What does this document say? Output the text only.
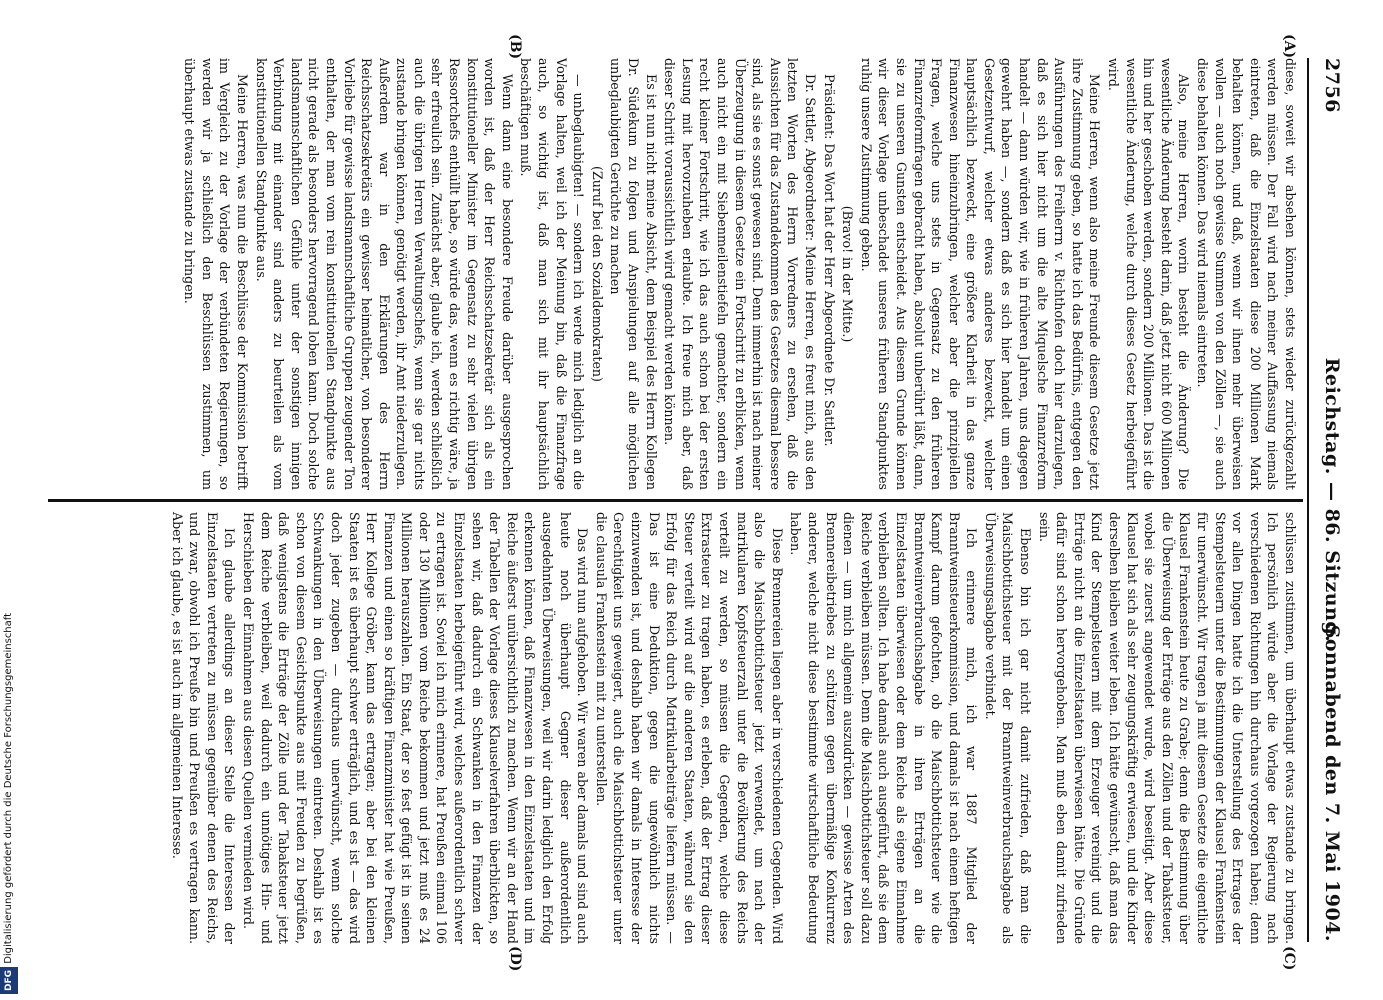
2756
Reichstag. — 86. Sitzung.
Sonnabend den 7. Mai 1904.
(A)
(B)
(C)
(D)

diese, soweit wir absehen können, stets wieder zurückgezahlt werden müssen. Der Fall wird nach meiner Auffassung niemals eintreten, daß die Einzelstaaten diese 200 Millionen Mark behalten können, und daß, wenn wir ihnen mehr überweisen wollen — auch noch gewisse Summen von den Zöllen —, sie auch diese behalten können. Das wird niemals eintreten.

Also, meine Herren, worin besteht die Änderung? Die wesentliche Änderung besteht darin, daß jetzt nicht 600 Millionen hin und her geschoben werden, sondern 200 Millionen. Das ist die wesentliche Änderung, welche durch dieses Gesetz herbeigeführt wird.

Meine Herren, wenn also meine Freunde diesem Gesetze jetzt ihre Zustimmung geben, so hatte ich das Bedürfnis, entgegen den Ausführungen des Freiherrn v. Richthofen doch hier darzulegen, daß es sich hier nicht um die alte Miquelsche Finanzreform handelt — dann würden wir, wie in früheren Jahren, uns dagegen gewehrt haben —, sondern daß es sich hier handelt um einen Gesetzentwurf, welcher etwas anderes bezweckt, welcher hauptsächlich bezweckt, eine größere Klarheit in das ganze Finanzwesen hineinzubringen, welcher aber die prinzipiellen Fragen, welche uns stets in Gegensatz zu den früheren Finanzreformfragen gebracht haben, absolut unberührt läßt, dann, sie zu unseren Gunsten entscheidet. Aus diesem Grunde können wir dieser Vorlage unbeschadet unseres früheren Standpunktes ruhig unsere Zustimmung geben.

(Bravo! in der Mitte.)

Präsident: Das Wort hat der Herr Abgeordnete Dr. Sattler.

Dr. Sattler, Abgeordneter: Meine Herren, es freut mich, aus den letzten Worten des Herrn Vorredners zu ersehen, daß die Aussichten für das Zustandekommen des Gesetzes diesmal bessere sind, als sie es sonst gewesen sind. Denn immerhin ist nach meiner Überzeugung in diesem Gesetze ein Fortschritt zu erblicken, wenn auch nicht ein mit Siebenmeilenstiefeln gemachter, sondern ein recht kleiner Fortschritt, wie ich das auch schon bei der ersten Lesung mit hervorzuheben erlaubte. Ich freue mich aber, daß dieser Schritt voraussichtlich wird gemacht werden können.

Es ist nun nicht meine Absicht, dem Beispiel des Herrn Kollegen Dr. Südekum zu folgen und Anspielungen auf alle möglichen unbeglaubigten Gerüchte zu machen

(Zuruf bei den Sozialdemokraten)

— unbeglaubigten! — sondern ich werde mich lediglich an die Vorlage halten, weil ich der Meinung bin, daß die Finanzfrage auch, so wichtig ist, daß man sich mit ihr hauptsächlich beschäftigen muß.

Wenn dann eine besondere Freude darüber ausgesprochen worden ist, daß der Herr Reichsschatzsekretär sich als ein konstitutioneller Minister im Gegensatz zu sehr vielen übrigen Ressortchefs enthüllt habe, so würde das, wenn es richtig wäre, ja sehr erfreulich sein. Zunächst aber, glaube ich, werden schließlich auch die übrigen Herren Verwaltungschefs, wenn sie gar nichts zustande bringen können, genötigt werden, ihr Amt niederzulegen. Außerdem war in den Erklärungen des Herrn Reichsschatzsekretärs ein gewisser heimatlicher, von besonderer Vorliebe für gewisse landsmannschaftliche Gruppen zeugender Ton enthalten, der man vom rein konstitutionellen Standpunkte aus nicht gerade als besonders hervorragend loben kann. Doch solche landsmannschaftlichen Gefühle unter der sonstigen innigen Verbindung mit einander sind anders zu beurteilen als vom konstitutionellen Standpunkte aus.

Meine Herren, was nun die Beschlüsse der Kommission betrifft im Vergleich zu der Vorlage der verbündeten Regierungen, so werden wir ja schließlich den Beschlüssen zustimmen, um überhaupt etwas zustande zu bringen.

schlüssen zustimmen, um überhaupt etwas zustande zu bringen. Ich persönlich würde aber die Vorlage der Regierung nach verschiedenen Richtungen hin durchaus vorgezogen haben; denn vor allen Dingen hatte ich die Unterstellung des Ertrages der Stempelsteuern unter die Bestimmungen der Klausel Frankenstein für unerwünscht. Wir tragen ja mit diesem Gesetze die eigentliche Klausel Frankenstein heute zu Grabe; denn die Bestimmung über die Überweisung der Erträge aus den Zöllen und der Tabaksteuer, wobei sie zuerst angewendet wurde, wird beseitigt. Aber diese Klausel hat sich als sehr zeugungskräftig erwiesen, und die Kinder derselben bleiben weiter leben. Ich hätte gewünscht, daß man das Kind der Stempelsteuern mit dem Erzeuger vereinigt und die Erträge nicht an die Einzelstaaten überwiesen hätte. Die Gründe dafür sind schon hervorgehoben. Man muß eben damit zufrieden sein.

Ebenso bin ich gar nicht damit zufrieden, daß man die Maischbottichsteuer mit der Branntweinverbrauchsabgabe als Überweisungsabgabe verbindet.

Ich erinnere mich, ich war 1887 Mitglied der Branntweinsteuerkommission, und damals ist nach einem heftigen Kampf darum gefochten, ob die Maischbottichsteuer wie die Branntweinverbrauchsabgabe in ihren Erträgen an die Einzelstaaten überwiesen oder dem Reiche als eigene Einnahme verbleiben sollten. Ich habe damals auch ausgeführt, daß sie dem Reiche verbleiben müssen. Denn die Maischbottichsteuer soll dazu dienen — um mich allgemein auszudrücken — gewisse Arten des Brennereibetriebes zu schützen gegen übermäßige Konkurrenz anderer, welche nicht diese bestimmte wirtschaftliche Bedeutung haben.

Diese Brennereien liegen aber in verschiedenen Gegenden. Wird also die Maischbottichsteuer jetzt verwendet, um nach der matrikularen Kopfsteuerzahl unter die Bevölkerung des Reichs verteilt zu werden, so müssen die Gegenden, welche diese Extrasteuer zu tragen haben, es erleben, daß der Ertrag dieser Steuer verteilt wird auf die anderen Staaten, während sie den Erfolg für das Reich durch Matrikularbeiträge liefern müssen. — Das ist eine Deduktion, gegen die ungewöhnlich nichts einzuwenden ist, und deshalb haben wir damals in Interesse der Gerechtigkeit uns geweigert, auch die Maischbottichsteuer unter die clausula Frankenstein mit zu unterstellen.

Das wird nun aufgehoben. Wir waren aber damals und sind auch heute noch überhaupt Gegner dieser außerordentlich ausgedehnten Überweisungen, weil wir darin lediglich den Erfolg erkennen können, daß Finanzwesen in den Einzelstaaten und im Reiche äußerst unübersichtlich zu machen. Wenn wir an der Hand der Tabellen der Vorlage dieses Klauselverfahren überblickten, so sehen wir, daß dadurch ein Schwanken in den Finanzen der Einzelstaaten herbeigeführt wird, welches außerordentlich schwer zu ertragen ist. Soviel ich mich erinnere, hat Preußen einmal 106 oder 130 Millionen vom Reiche bekommen und jetzt muß es 24 Millionen herauszahlen. Ein Staat, der so fest gefügt ist in seinen Finanzen und einen so kräftigen Finanzminister hat wie Preußen, Herr Kollege Gröber, kann das ertragen; aber bei den kleinen Staaten ist es überhaupt schwer erträglich, und es ist — das wird doch jeder zugeben — durchaus unerwünscht, wenn solche Schwankungen in den Überweisungen eintreten. Deshalb ist es schon von diesem Gesichtspunkte aus mit Freuden zu begrüßen, daß wenigstens die Erträge der Zölle und der Tabaksteuer jetzt dem Reiche verbleiben, weil dadurch ein unnötiges Hin- und Herschieben der Einnahmen aus diesen Quellen vermieden wird.

Ich glaube allerdings an dieser Stelle die Interessen der Einzelstaaten vertreten zu müssen gegenüber denen des Reichs, und zwar, obwohl ich Preuße bin und Preußen es vertragen kann. Aber ich glaube, es ist auch im allgemeinen Interesse.

DFG Digitalisierung gefördert durch die Deutsche Forschungsgemeinschaft
